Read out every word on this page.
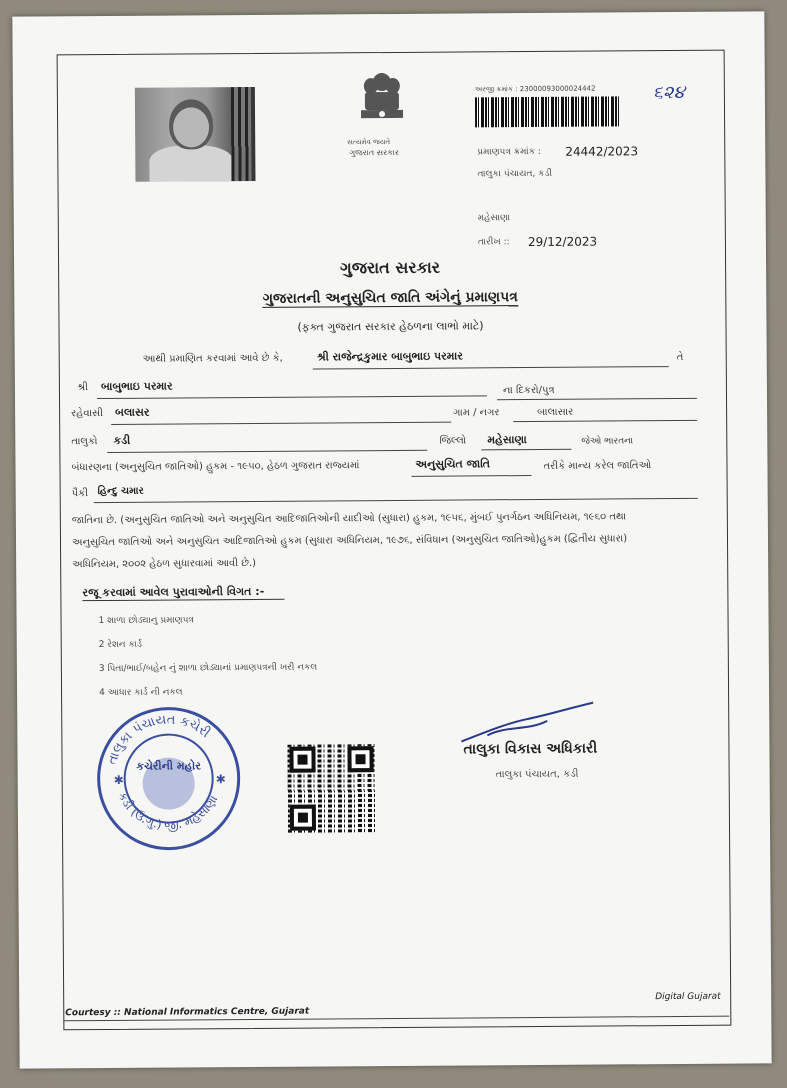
સત્યમેવ જયતે
ગુજરાત સરકાર
અરજી ક્રમાંક : 23000093000024442	૬૨૪
પ્રમાણપત્ર ક્રમાંક : 24442/2023
તાલુકા પંચાયત, કડી
મહેસાણા
તારીખ :: 29/12/2023
ગુજરાત સરકાર
ગુજરાતની અનુસુચિત જાતિ અંગેનું પ્રમાણપત્ર
(ફક્ત ગુજરાત સરકાર હેઠળના લાભો માટે)
આથી પ્રમાણિત કરવામાં આવે છે કે,	શ્રી રાજેન્દ્રકુમાર બાબુભાઇ પરમાર	તે
શ્રી બાબુભાઇ પરમાર	ના દિકરો/પુત્ર
રહેવાસી બલાસર	ગામ / નગર	બાલાસાર
તાલુકો કડી	જિલ્લો મહેસાણા	જેઓ ભારતના
બંધારણના (અનુસુચિત જાતિઓ) હુકમ - ૧૯૫૦, હેઠળ ગુજરાત રાજ્યમાં	અનુસુચિત જાતિ	તરીકે માન્ય કરેલ જાતિઓ
પૈકી હિન્દુ ચમાર
જાતિના છે. (અનુસુચિત જાતિઓ અને અનુસુચિત આદિજાતિઓની યાદીઓ (સુધારા) હુકમ, ૧૯૫૬, મુંબઈ પુનર્ગઠન અધિનિયમ, ૧૯૬૦ તથા
અનુસુચિત જાતિઓ અને અનુસુચિત આદિજાતિઓ હુકમ (સુધારા અધિનિયમ, ૧૯૭૬, સંવિધાન (અનુસુચિત જાતિઓ)હુકમ (દ્વિતીય સુધારા)
અધિનિયમ, ૨૦૦૨ હેઠળ સુધારવામાં આવી છે.)
રજૂ કરવામાં આવેલ પુરાવાઓની વિગત :-
1 શાળા છોડ્યાનુ પ્રમાણપત્ર
2 રેશન કાર્ડ
3 પિતા/ભાઈ/બહેન નું શાળા છોડ્યાનાં પ્રમાણપત્રની ખરી નકલ
4 આધાર કાર્ડ ની નકલ
તાલુકા પંચાયત કચેરી
કડી (ઉ.ગુ.) જી. મહેસાણા
કચેરીની મહોર
✱	✱
તાલુકા વિકાસ અધિકારી
તાલુકા પંચાયત, કડી
Courtesy :: National Informatics Centre, Gujarat
Digital Gujarat
